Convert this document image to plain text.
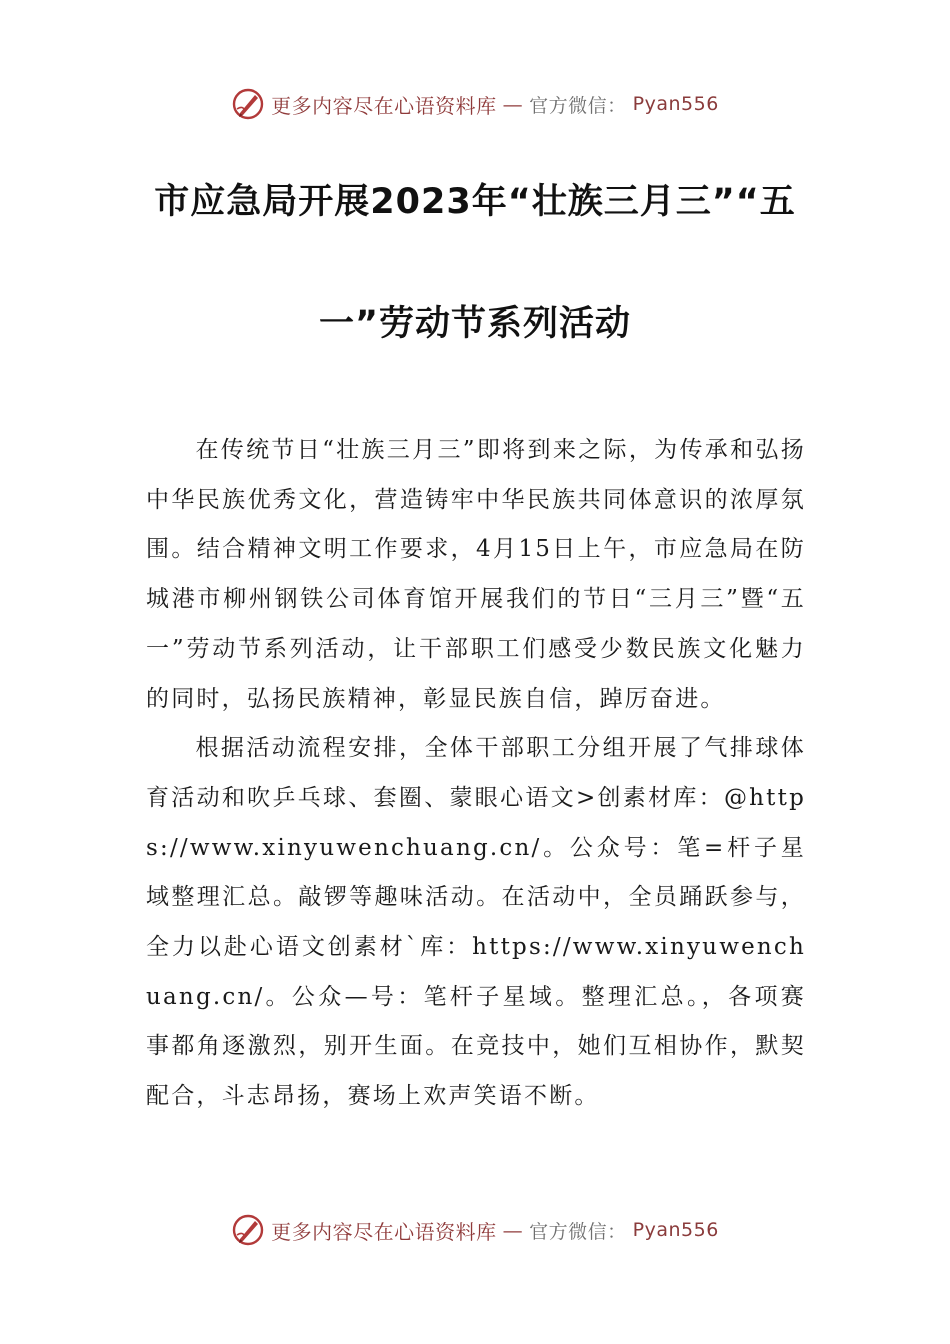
更多内容尽在心语资料库 — 官方微信： Pyan556
市应急局开展2023年“壮族三月三”“五
一”劳动节系列活动

在传统节日“壮族三月三”即将到来之际，为传承和弘扬中华民族优秀文化，营造铸牢中华民族共同体意识的浓厚氛围。结合精神文明工作要求，4月15日上午，市应急局在防城港市柳州钢铁公司体育馆开展我们的节日“三月三”暨“五一”劳动节系列活动，让干部职工们感受少数民族文化魅力的同时，弘扬民族精神，彰显民族自信，踔厉奋进。

根据活动流程安排，全体干部职工分组开展了气排球体育活动和吹乒乓球、套圈、蒙眼心语文>创素材库：@https://www.xinyuwenchuang.cn/。公众号：笔=杆子星域整理汇总。敲锣等趣味活动。在活动中，全员踊跃参与，全力以赴心语文创素材`库：https://www.xinyuwenchuang.cn/。公众—号：笔杆子星域。整理汇总。，各项赛事都角逐激烈，别开生面。在竞技中，她们互相协作，默契配合，斗志昂扬，赛场上欢声笑语不断。

更多内容尽在心语资料库 — 官方微信： Pyan556
